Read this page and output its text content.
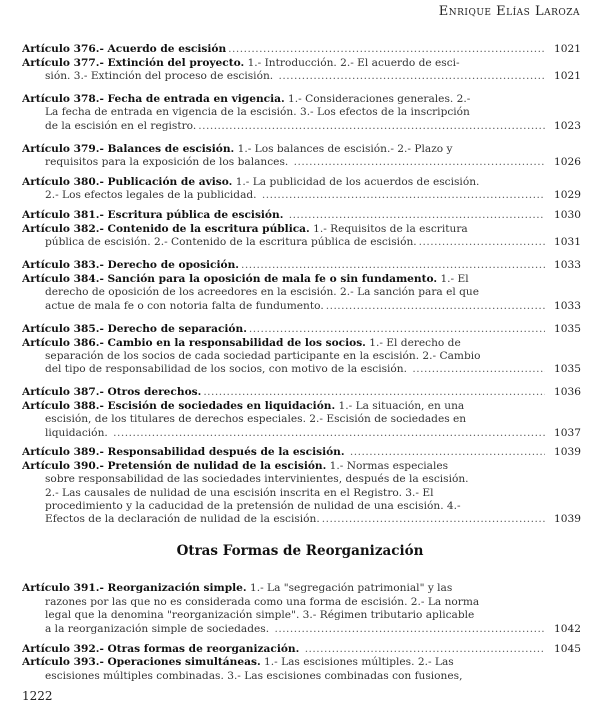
Enrique Elías Laroza
Artículo 376.- Acuerdo de escisión .....	1021
Artículo 377.- Extinción del proyecto. 1.- Introducción. 2.- El acuerdo de esci-
sión. 3.- Extinción del proceso de escisión. .....	1021
Artículo 378.- Fecha de entrada en vigencia. 1.- Consideraciones generales. 2.-
La fecha de entrada en vigencia de la escisión. 3.- Los efectos de la inscripción
de la escisión en el registro. .....	1023
Artículo 379.- Balances de escisión. 1.- Los balances de escisión.- 2.- Plazo y
requisitos para la exposición de los balances. .....	1026
Artículo 380.- Publicación de aviso. 1.- La publicidad de los acuerdos de escisión.
2.- Los efectos legales de la publicidad. .....	1029
Artículo 381.- Escritura pública de escisión.
.....	1030
Artículo 382.- Contenido de la escritura pública. 1.- Requisitos de la escritura
pública de escisión. 2.- Contenido de la escritura pública de escisión. .....	1031
Artículo 383.- Derecho de oposición. .....	1033
Artículo 384.- Sanción para la oposición de mala fe o sin fundamento. 1.- El
derecho de oposición de los acreedores en la escisión. 2.- La sanción para el que
actue de mala fe o con notoria falta de fundumento. .....	1033
Artículo 385.- Derecho de separación. .....	1035
Artículo 386.- Cambio en la responsabilidad de los socios. 1.- El derecho de
separación de los socios de cada sociedad participante en la escisión. 2.- Cambio
del tipo de responsabilidad de los socios, con motivo de la escisión. .....	1035
Artículo 387.- Otros derechos. .....	1036
Artículo 388.- Escisión de sociedades en liquidación. 1.- La situación, en una
escisión, de los titulares de derechos especiales. 2.- Escisión de sociedades en
liquidación. .....	1037
Artículo 389.- Responsabilidad después de la escisión.
.....	1039
Artículo 390.- Pretensión de nulidad de la escisión. 1.- Normas especiales
sobre responsabilidad de las sociedades intervinientes, después de la escisión.
2.- Las causales de nulidad de una escisión inscrita en el Registro. 3.- El
procedimiento y la caducidad de la pretensión de nulidad de una escisión. 4.-
Efectos de la declaración de nulidad de la escisión. .....	1039
Artículo 391.- Reorganización simple. 1.- La "segregación patrimonial" y las
razones por las que no es considerada como una forma de escisión. 2.- La norma
legal que la denomina "reorganización simple". 3.- Régimen tributario aplicable
a la reorganización simple de sociedades. .....	1042
Artículo 392.- Otras formas de reorganización.
.....	1045
Artículo 393.- Operaciones simultáneas. 1.- Las escisiones múltiples. 2.- Las
escisiones múltiples combinadas. 3.- Las escisiones combinadas con fusiones,
Otras Formas de Reorganización
1222
